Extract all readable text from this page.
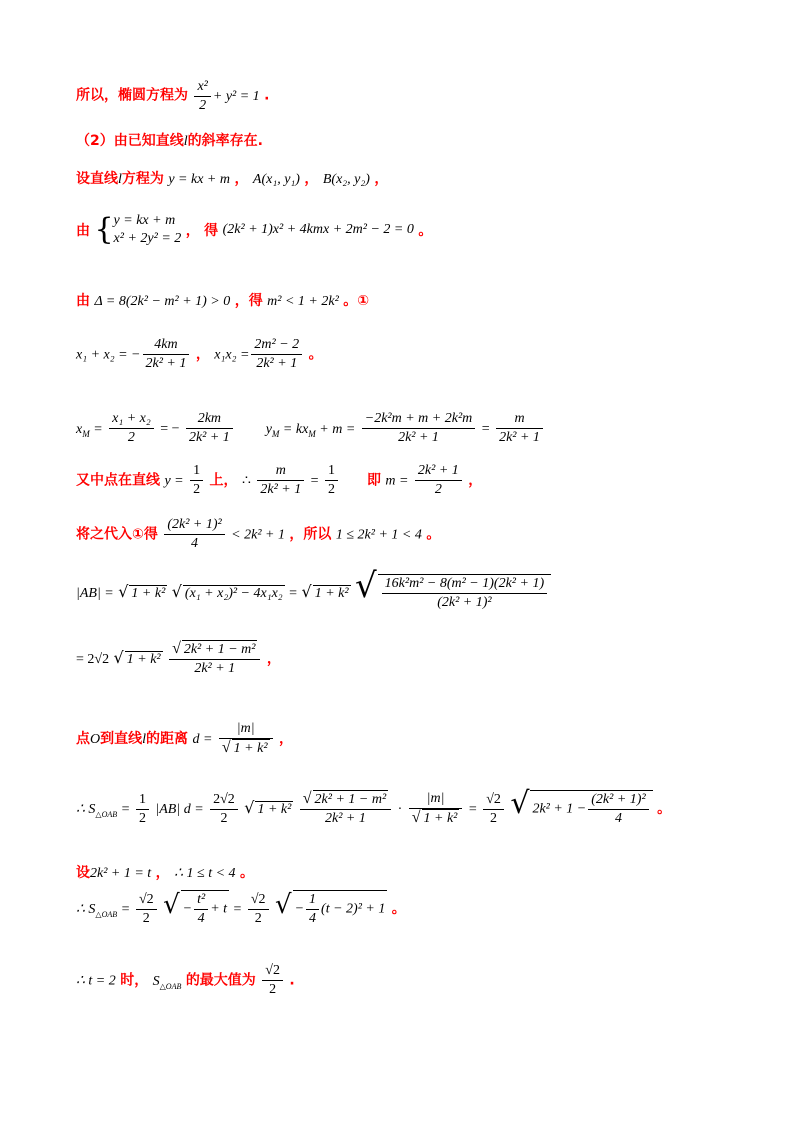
所以，椭圆方程为 $\frac{\text{x²}}{2} + y^2 = 1$ .
（2）由已知直线l的斜率存在.
设直线l方程为 y = kx + m ， A(x₁, y₁) ， B(x₂, y₂) ，
由 { y = kx + m
x² + 2y² = 2 ， 得 (2k² + 1)x² + 4kmx + 2m² − 2 = 0 。
由 Δ = 8(2k² − m² + 1) > 0 ，得 m² < 1 + 2k² 。①
x₁ + x₂ = − $\frac{4km}{\text{2k² + 1}}$ ， $x_1x_2 = \frac{\text{2m² − 2}}{\text{2k² + 1}}$ 。
$x_M = \frac{\text{x₁ + x₂}}{2}$ = − $\frac{2km}{\text{2k² + 1}} y_M = kx_M + m = \frac{\text{−2k²m + m + 2k²m}}{\text{2k² + 1}} = \frac{m}{\text{2k² + 1}}$
又中点在直线 $y = \frac{1}{2}$ 上， ∴ $\frac{m}{\text{2k² + 1}} = \frac{1}{2}$ 即 $m = \frac{\text{2k² + 1}}{2}$ ，
将之代入①得 $\frac{\text{(2k² + 1)²}}{4} < 2k^2 + 1$ ，所以 1 ≤ 2k² + 1 < 4 。
|AB| = √ 1 + k² √ (x₁ + x₂)² − 4x₁x₂ = √ 1 + k² √ $\frac{\text{16k²m² − 8(m² − 1)(2k² + 1)}}{\text{(2k² + 1)²}}$
= 2√2 √ $1 + k^2 \frac{\text{√ 2k² + 1 − m²}}{\text{2k² + 1}}$ ，
点O到直线l的距离 $d = \frac{|m|}{\text{√ 1 + k²}}$ ，
∴ $S_{\triangle OAB} = \frac{1}{2} |AB|$ $d = \frac{2√2}{2}$ √ $1 + k^2 \frac{\text{√ 2k² + 1 − m²}}{\text{2k² + 1}} \cdot \frac{|m|}{\text{√ 1 + k²}} = \frac{√2}{2}$ √ $2k^2 + 1 - \frac{\text{(2k² + 1)²}}{4}$ 。
设2k² + 1 = t ， ∴ 1 ≤ t < 4 。
∴ $S_{\triangle OAB} = \frac{√2}{2}$ √ − $\frac{\text{t²}}{4} + t = \frac{√2}{2}$ √ − $\frac{1}{4} (t - 2)^2 + 1$ 。
∴ t = 2 时， $S_{\triangle OAB}$ 的最大值为 $\frac{√2}{2}$ .
